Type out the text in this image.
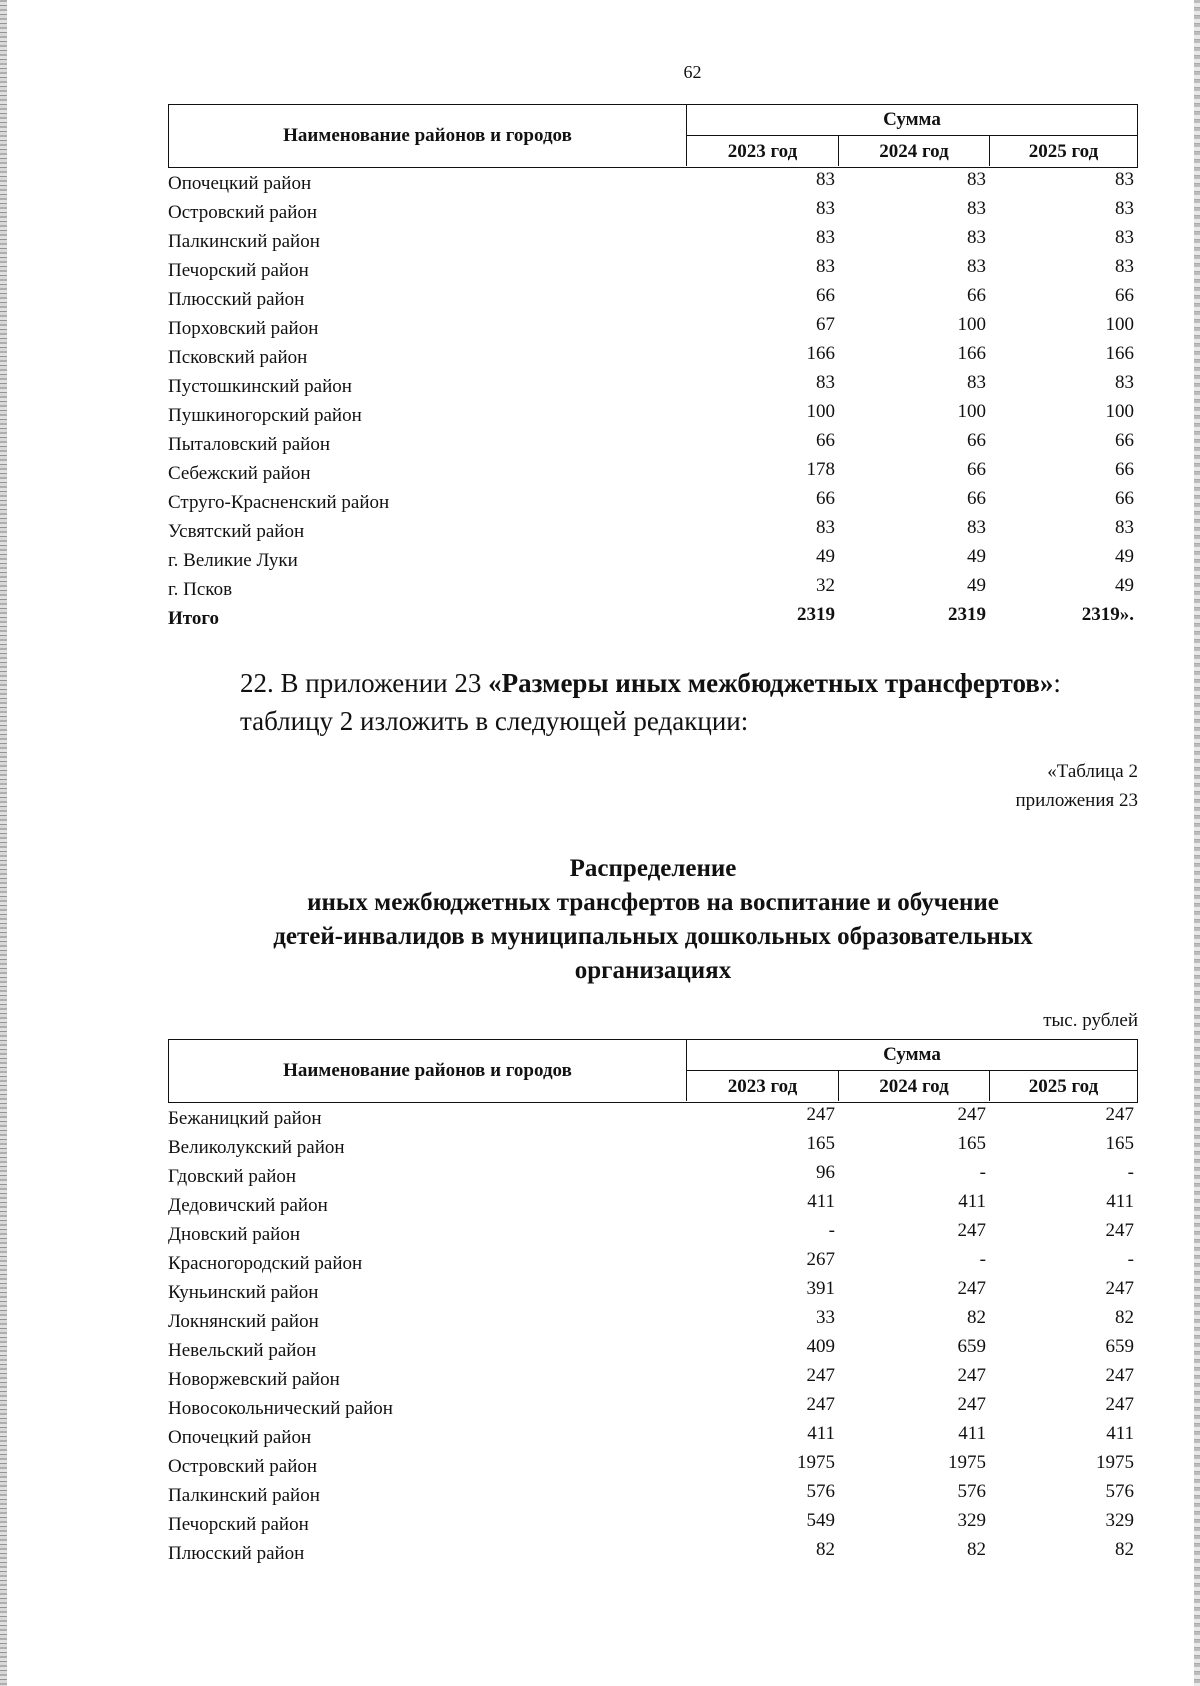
62
Наименование районов и городов
Сумма
2023 год	2024 год	2025 год
Опочецкий район	83	83	83
Островский район	83	83	83
Палкинский район	83	83	83
Печорский район	83	83	83
Плюсский район	66	66	66
Порховский район	67	100	100
Псковский район	166	166	166
Пустошкинский район	83	83	83
Пушкиногорский район	100	100	100
Пыталовский район	66	66	66
Себежский район	178	66	66
Струго-Красненский район	66	66	66
Усвятский район	83	83	83
г. Великие Луки	49	49	49
г. Псков	32	49	49
Итого	2319	2319	2319».
22. В приложении 23 «Размеры иных межбюджетных трансфертов»:
таблицу 2 изложить в следующей редакции:
«Таблица 2
приложения 23
Распределение
иных межбюджетных трансфертов на воспитание и обучение
детей-инвалидов в муниципальных дошкольных образовательных
организациях
тыс. рублей
Наименование районов и городов
Сумма
2023 год	2024 год	2025 год
Бежаницкий район	247	247	247
Великолукский район	165	165	165
Гдовский район	96	-	-
Дедовичский район	411	411	411
Дновский район	-	247	247
Красногородский район	267	-	-
Куньинский район	391	247	247
Локнянский район	33	82	82
Невельский район	409	659	659
Новоржевский район	247	247	247
Новосокольнический район	247	247	247
Опочецкий район	411	411	411
Островский район	1975	1975	1975
Палкинский район	576	576	576
Печорский район	549	329	329
Плюсский район	82	82	82
